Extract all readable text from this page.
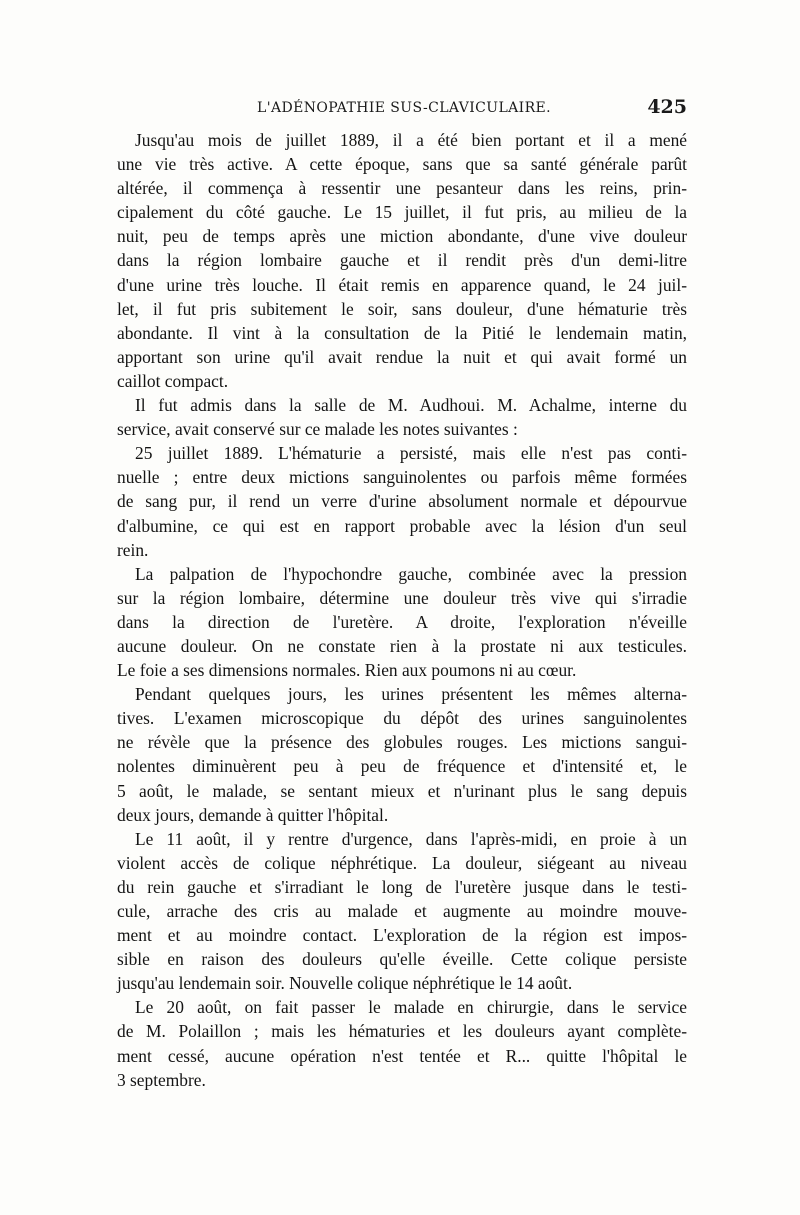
L'ADÉNOPATHIE SUS-CLAVICULAIRE.	425

Jusqu'au mois de juillet 1889, il a été bien portant et il a mené
une vie très active. A cette époque, sans que sa santé générale parût
altérée, il commença à ressentir une pesanteur dans les reins, prin-
cipalement du côté gauche. Le 15 juillet, il fut pris, au milieu de la
nuit, peu de temps après une miction abondante, d'une vive douleur
dans la région lombaire gauche et il rendit près d'un demi-litre
d'une urine très louche. Il était remis en apparence quand, le 24 juil-
let, il fut pris subitement le soir, sans douleur, d'une hématurie très
abondante. Il vint à la consultation de la Pitié le lendemain matin,
apportant son urine qu'il avait rendue la nuit et qui avait formé un
caillot compact.

Il fut admis dans la salle de M. Audhoui. M. Achalme, interne du
service, avait conservé sur ce malade les notes suivantes :

25 juillet 1889. L'hématurie a persisté, mais elle n'est pas conti-
nuelle ; entre deux mictions sanguinolentes ou parfois même formées
de sang pur, il rend un verre d'urine absolument normale et dépourvue
d'albumine, ce qui est en rapport probable avec la lésion d'un seul
rein.

La palpation de l'hypochondre gauche, combinée avec la pression
sur la région lombaire, détermine une douleur très vive qui s'irradie
dans la direction de l'uretère. A droite, l'exploration n'éveille
aucune douleur. On ne constate rien à la prostate ni aux testicules.
Le foie a ses dimensions normales. Rien aux poumons ni au cœur.

Pendant quelques jours, les urines présentent les mêmes alterna-
tives. L'examen microscopique du dépôt des urines sanguinolentes
ne révèle que la présence des globules rouges. Les mictions sangui-
nolentes diminuèrent peu à peu de fréquence et d'intensité et, le
5 août, le malade, se sentant mieux et n'urinant plus le sang depuis
deux jours, demande à quitter l'hôpital.

Le 11 août, il y rentre d'urgence, dans l'après-midi, en proie à un
violent accès de colique néphrétique. La douleur, siégeant au niveau
du rein gauche et s'irradiant le long de l'uretère jusque dans le testi-
cule, arrache des cris au malade et augmente au moindre mouve-
ment et au moindre contact. L'exploration de la région est impos-
sible en raison des douleurs qu'elle éveille. Cette colique persiste
jusqu'au lendemain soir. Nouvelle colique néphrétique le 14 août.

Le 20 août, on fait passer le malade en chirurgie, dans le service
de M. Polaillon ; mais les hématuries et les douleurs ayant complète-
ment cessé, aucune opération n'est tentée et R... quitte l'hôpital le
3 septembre.
